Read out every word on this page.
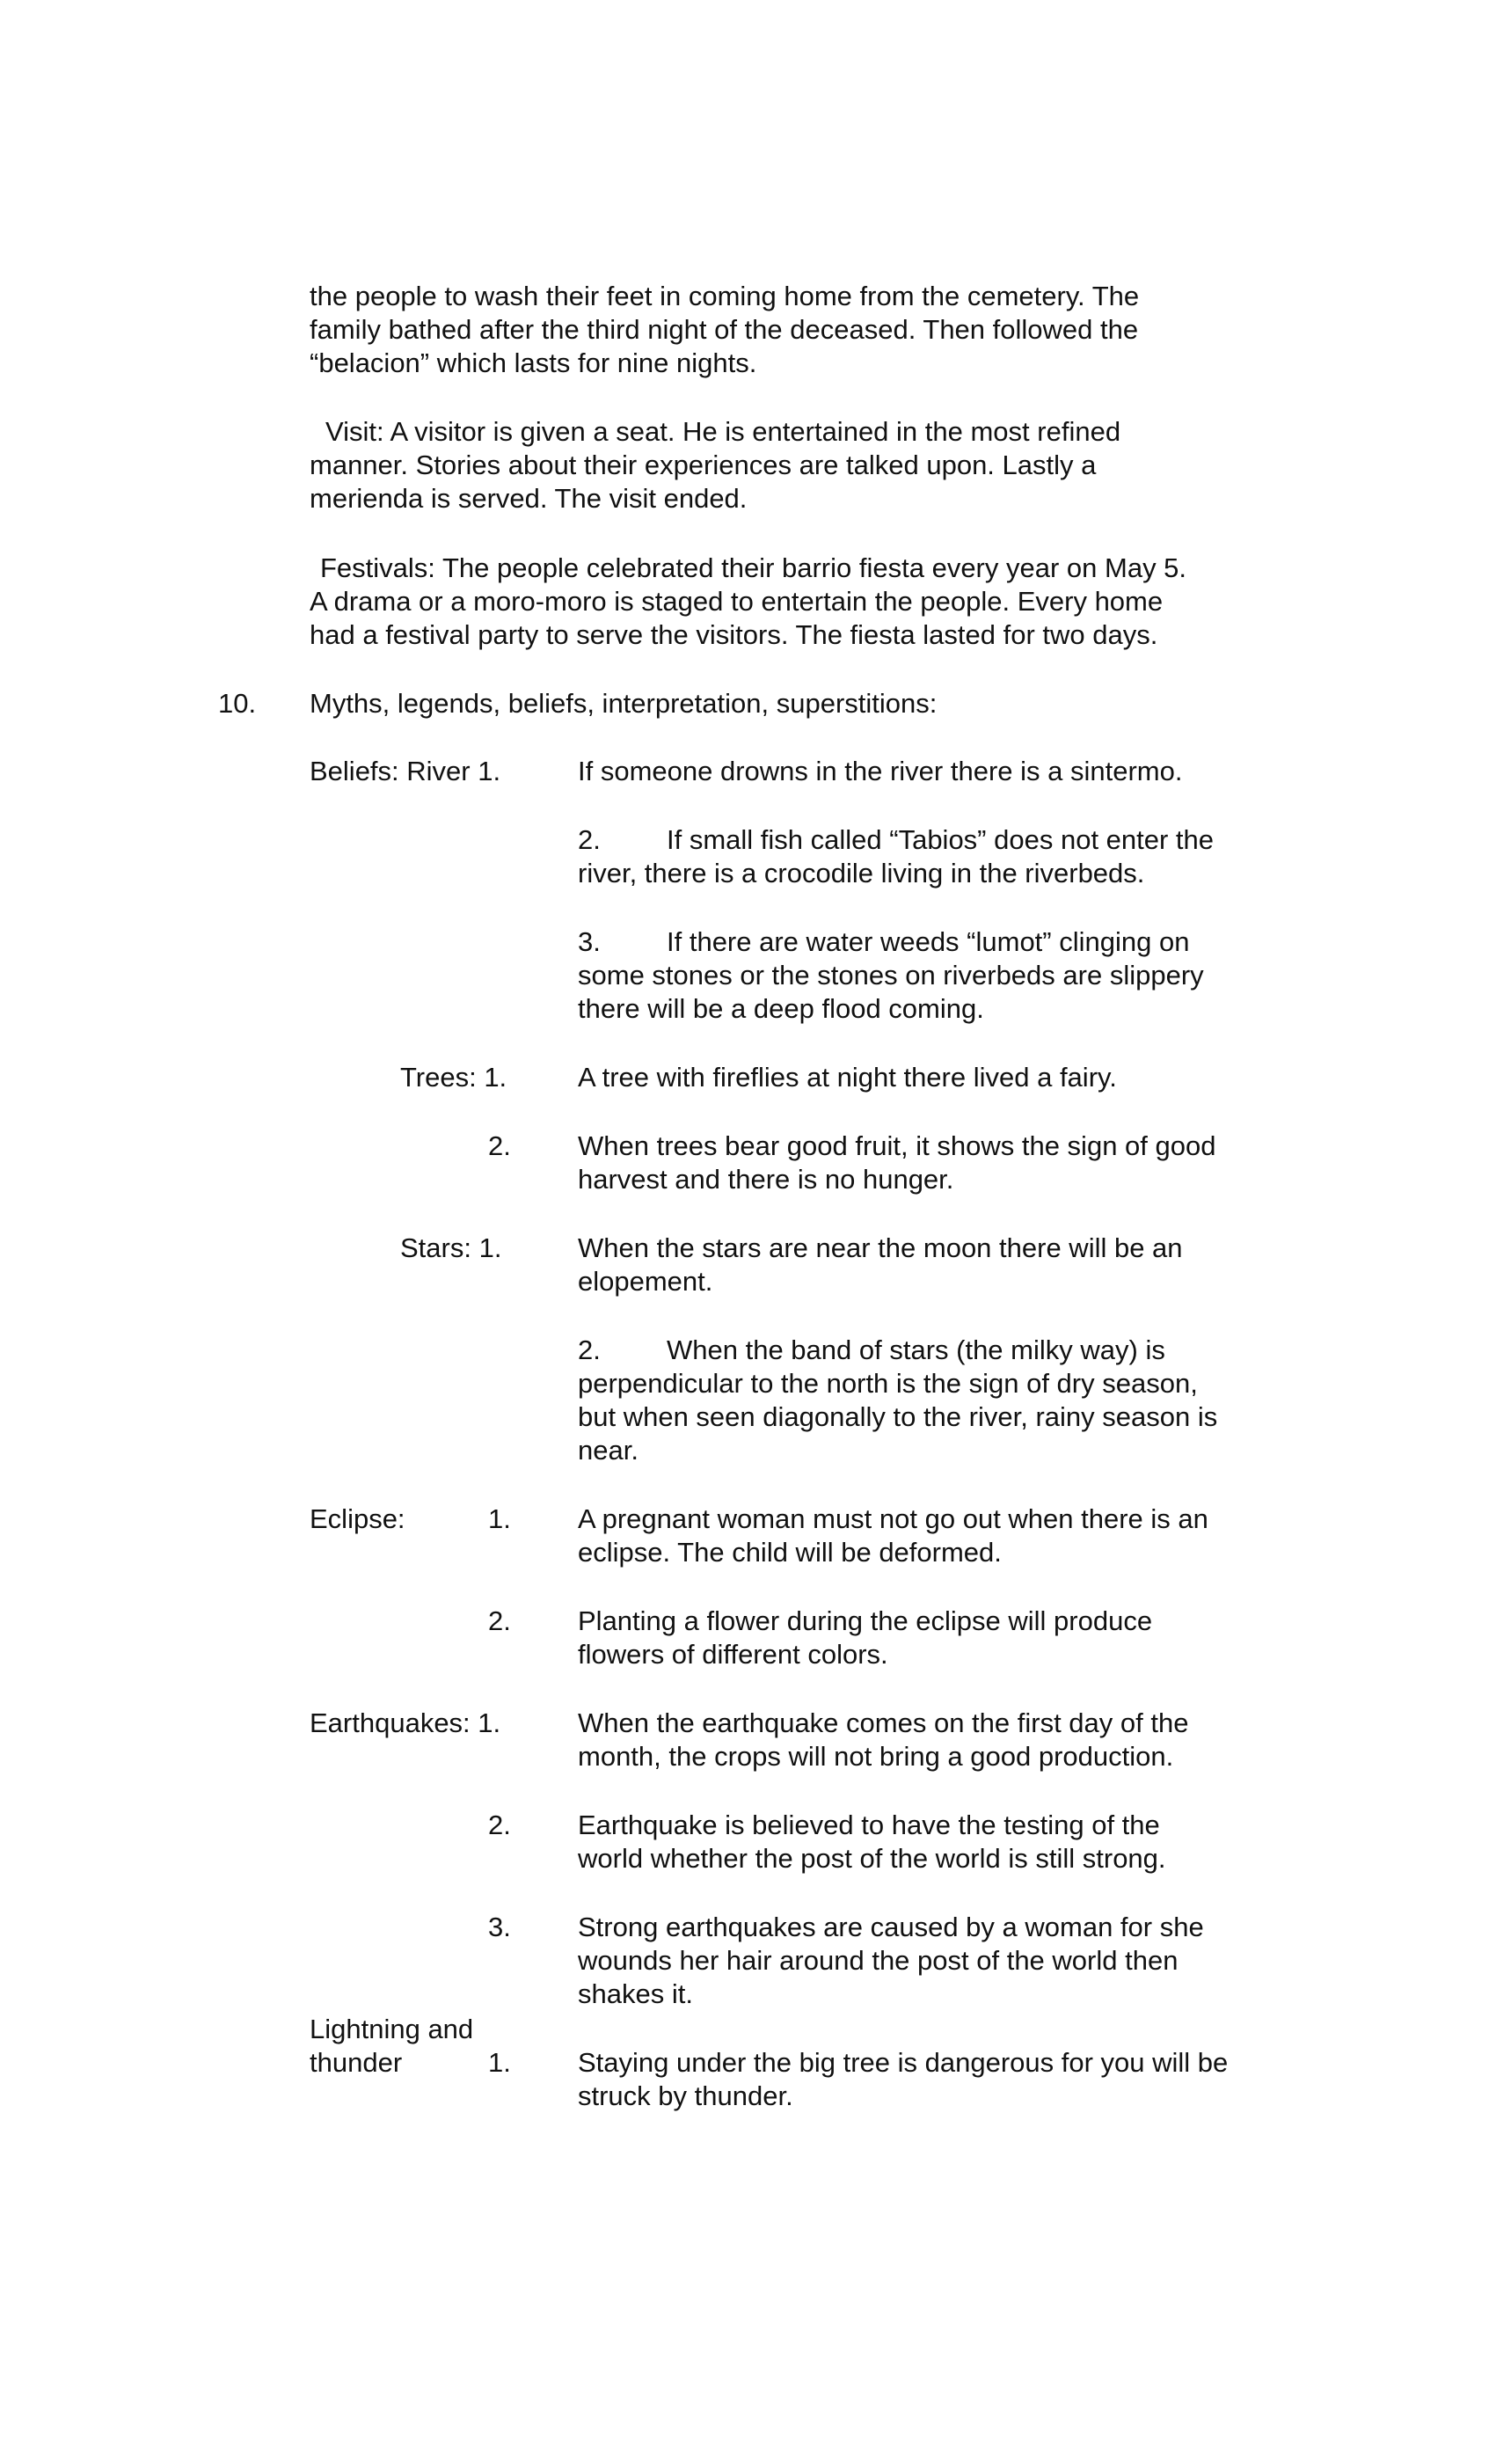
the people to wash their feet in coming home from the cemetery. The

family bathed after the third night of the deceased. Then followed the

“belacion” which lasts for nine nights.

Visit: A visitor is given a seat. He is entertained in the most refined

manner. Stories about their experiences are talked upon. Lastly a

merienda is served. The visit ended.

Festivals: The people celebrated their barrio fiesta every year on May 5.

A drama or a moro-moro is staged to entertain the people. Every home

had a festival party to serve the visitors. The fiesta lasted for two days.

10. Myths, legends, beliefs, interpretation, superstitions:

Beliefs: River 1.	If someone drowns in the river there is a sintermo.

2. If small fish called “Tabios” does not enter the

river, there is a crocodile living in the riverbeds.

3. If there are water weeds “lumot” clinging on

some stones or the stones on riverbeds are slippery

there will be a deep flood coming.

Trees: 1.	A tree with fireflies at night there lived a fairy.

2. When trees bear good fruit, it shows the sign of good

harvest and there is no hunger.

Stars: 1.	When the stars are near the moon there will be an

elopement.

2. When the band of stars (the milky way) is

perpendicular to the north is the sign of dry season,

but when seen diagonally to the river, rainy season is

near.

Eclipse:	1. A pregnant woman must not go out when there is an

eclipse. The child will be deformed.

2. Planting a flower during the eclipse will produce

flowers of different colors.

Earthquakes: 1.	When the earthquake comes on the first day of the

month, the crops will not bring a good production.

2. Earthquake is believed to have the testing of the

world whether the post of the world is still strong.

3. Strong earthquakes are caused by a woman for she

wounds her hair around the post of the world then

shakes it.

Lightning and

thunder	1. Staying under the big tree is dangerous for you will be

struck by thunder.
